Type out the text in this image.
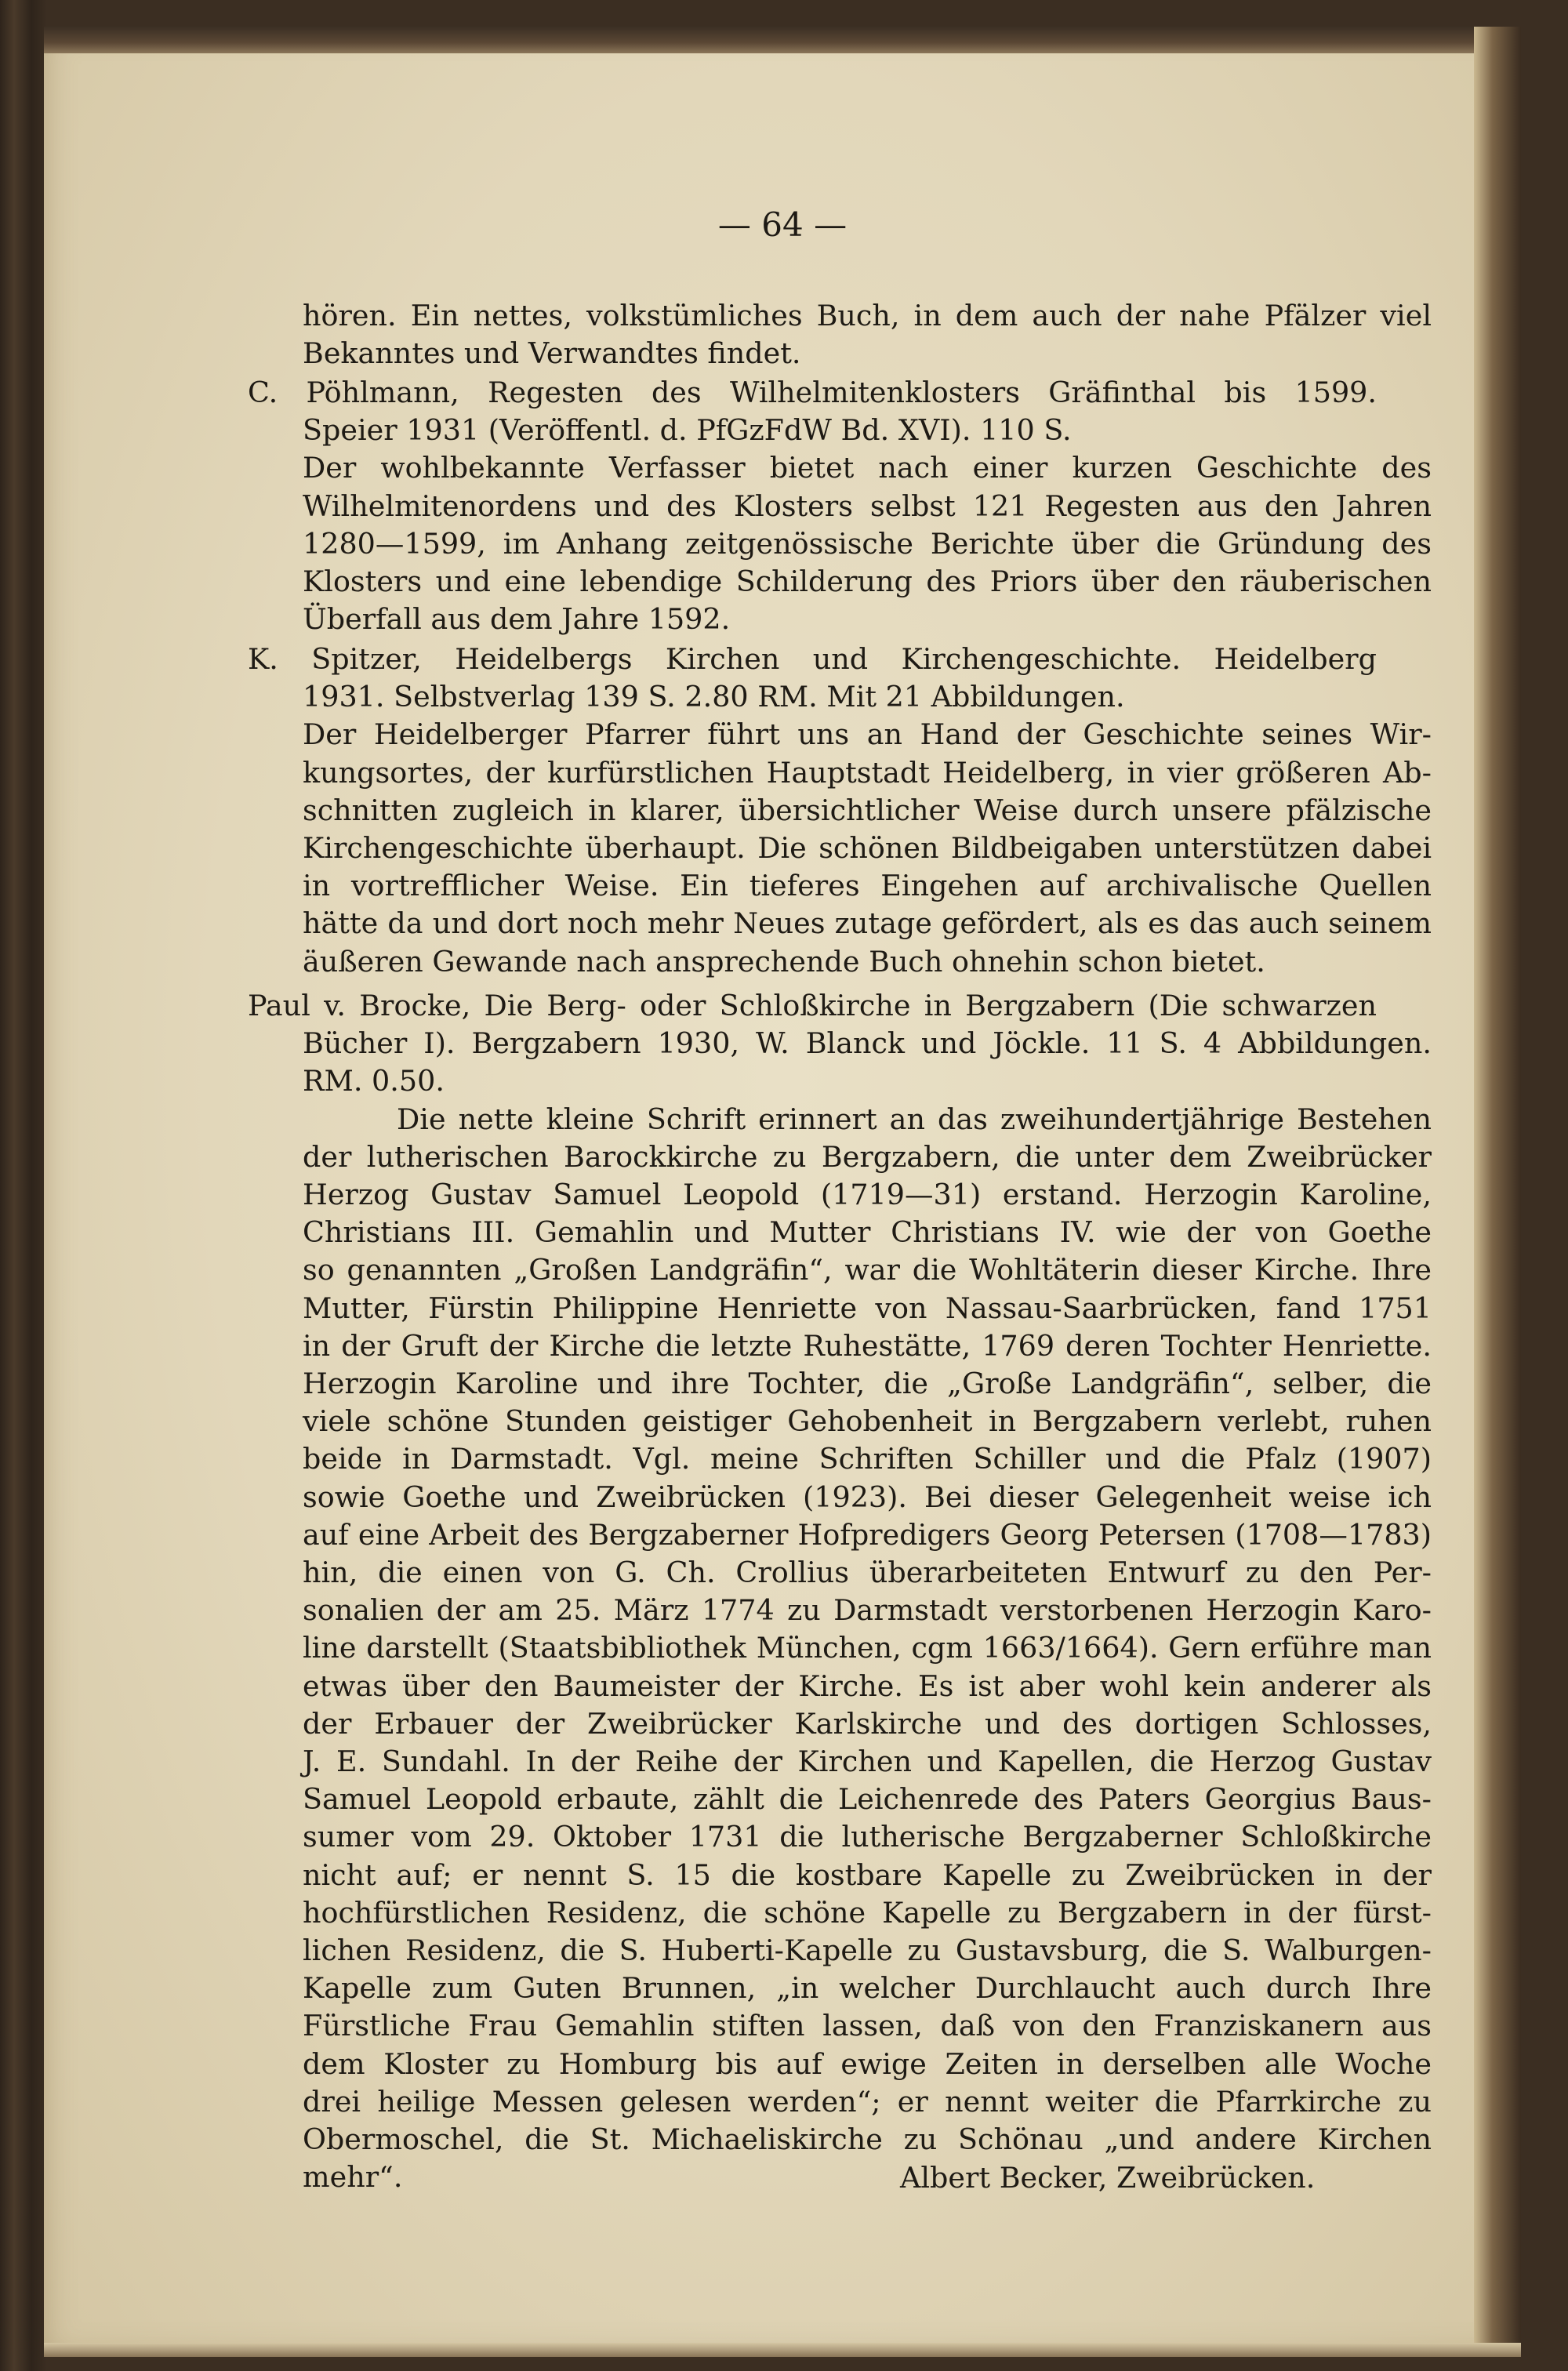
— 64 —
hören. Ein nettes, volkstümliches Buch, in dem auch der nahe Pfälzer viel
Bekanntes und Verwandtes findet.
C. Pöhlmann, Regesten des Wilhelmitenklosters Gräfinthal bis 1599.
Speier 1931 (Veröffentl. d. PfGzFdW Bd. XVI). 110 S.
Der wohlbekannte Verfasser bietet nach einer kurzen Geschichte des
Wilhelmitenordens und des Klosters selbst 121 Regesten aus den Jahren
1280—1599, im Anhang zeitgenössische Berichte über die Gründung des
Klosters und eine lebendige Schilderung des Priors über den räuberischen
Überfall aus dem Jahre 1592.
K. Spitzer, Heidelbergs Kirchen und Kirchengeschichte. Heidelberg
1931. Selbstverlag 139 S. 2.80 RM. Mit 21 Abbildungen.
Der Heidelberger Pfarrer führt uns an Hand der Geschichte seines Wir-
kungsortes, der kurfürstlichen Hauptstadt Heidelberg, in vier größeren Ab-
schnitten zugleich in klarer, übersichtlicher Weise durch unsere pfälzische
Kirchengeschichte überhaupt. Die schönen Bildbeigaben unterstützen dabei
in vortrefflicher Weise. Ein tieferes Eingehen auf archivalische Quellen
hätte da und dort noch mehr Neues zutage gefördert, als es das auch seinem
äußeren Gewande nach ansprechende Buch ohnehin schon bietet.
Paul v. Brocke, Die Berg- oder Schloßkirche in Bergzabern (Die schwarzen
Bücher I). Bergzabern 1930, W. Blanck und Jöckle. 11 S. 4 Abbildungen.
RM. 0.50.
Die nette kleine Schrift erinnert an das zweihundertjährige Bestehen
der lutherischen Barockkirche zu Bergzabern, die unter dem Zweibrücker
Herzog Gustav Samuel Leopold (1719—31) erstand. Herzogin Karoline,
Christians III. Gemahlin und Mutter Christians IV. wie der von Goethe
so genannten „Großen Landgräfin“, war die Wohltäterin dieser Kirche. Ihre
Mutter, Fürstin Philippine Henriette von Nassau-Saarbrücken, fand 1751
in der Gruft der Kirche die letzte Ruhestätte, 1769 deren Tochter Henriette.
Herzogin Karoline und ihre Tochter, die „Große Landgräfin“, selber, die
viele schöne Stunden geistiger Gehobenheit in Bergzabern verlebt, ruhen
beide in Darmstadt. Vgl. meine Schriften Schiller und die Pfalz (1907)
sowie Goethe und Zweibrücken (1923). Bei dieser Gelegenheit weise ich
auf eine Arbeit des Bergzaberner Hofpredigers Georg Petersen (1708—1783)
hin, die einen von G. Ch. Crollius überarbeiteten Entwurf zu den Per-
sonalien der am 25. März 1774 zu Darmstadt verstorbenen Herzogin Karo-
line darstellt (Staatsbibliothek München, cgm 1663/1664). Gern erführe man
etwas über den Baumeister der Kirche. Es ist aber wohl kein anderer als
der Erbauer der Zweibrücker Karlskirche und des dortigen Schlosses,
J. E. Sundahl. In der Reihe der Kirchen und Kapellen, die Herzog Gustav
Samuel Leopold erbaute, zählt die Leichenrede des Paters Georgius Baus-
sumer vom 29. Oktober 1731 die lutherische Bergzaberner Schloßkirche
nicht auf; er nennt S. 15 die kostbare Kapelle zu Zweibrücken in der
hochfürstlichen Residenz, die schöne Kapelle zu Bergzabern in der fürst-
lichen Residenz, die S. Huberti-Kapelle zu Gustavsburg, die S. Walburgen-
Kapelle zum Guten Brunnen, „in welcher Durchlaucht auch durch Ihre
Fürstliche Frau Gemahlin stiften lassen, daß von den Franziskanern aus
dem Kloster zu Homburg bis auf ewige Zeiten in derselben alle Woche
drei heilige Messen gelesen werden“; er nennt weiter die Pfarrkirche zu
Obermoschel, die St. Michaeliskirche zu Schönau „und andere Kirchen
mehr“.	Albert Becker, Zweibrücken.
